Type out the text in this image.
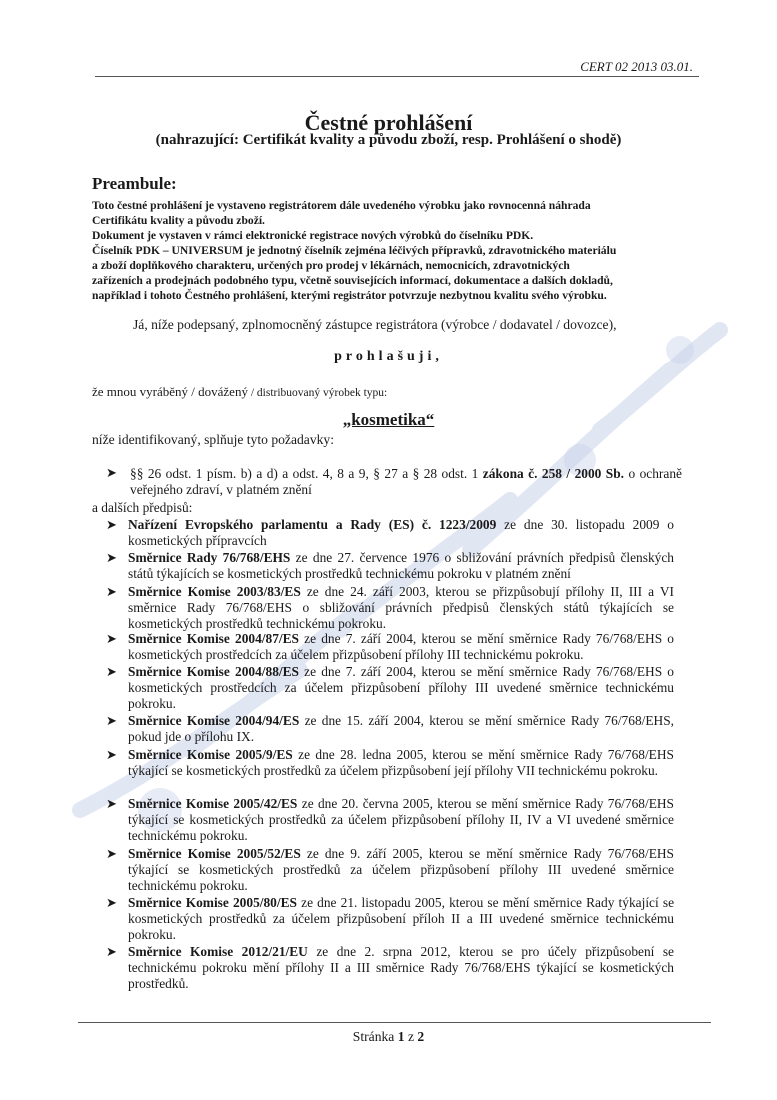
CERT 02 2013 03.01.
Čestné prohlášení
(nahrazující: Certifikát kvality a původu zboží, resp. Prohlášení o shodě)
Preambule:
Toto čestné prohlášení je vystaveno registrátorem dále uvedeného výrobku jako rovnocenná náhrada
Certifikátu kvality a původu zboží.
Dokument je vystaven v rámci elektronické registrace nových výrobků do číselníku PDK.
Číselník PDK – UNIVERSUM je jednotný číselník zejména léčivých přípravků, zdravotnického materiálu
a zboží doplňkového charakteru, určených pro prodej v lékárnách, nemocnicích, zdravotnických
zařízeních a prodejnách podobného typu, včetně souvisejících informací, dokumentace a dalších dokladů,
například i tohoto Čestného prohlášení, kterými registrátor potvrzuje nezbytnou kvalitu svého výrobku.
Já, níže podepsaný, zplnomocněný zástupce registrátora (výrobce / dodavatel / dovozce),
prohlašuji,
že mnou vyráběný / dovážený / distribuovaný výrobek typu:
„kosmetika“
níže identifikovaný, splňuje tyto požadavky:
➤ §§ 26 odst. 1 písm. b) a d) a odst. 4, 8 a 9, § 27 a § 28 odst. 1 zákona č. 258 / 2000 Sb. o ochraně veřejného zdraví, v platném znění
a dalších předpisů:
➤ Nařízení Evropského parlamentu a Rady (ES) č. 1223/2009 ze dne 30. listopadu 2009 o kosmetických přípravcích
➤ Směrnice Rady 76/768/EHS ze dne 27. července 1976 o sbližování právních předpisů členských států týkajících se kosmetických prostředků technickému pokroku v platném znění
➤ Směrnice Komise 2003/83/ES ze dne 24. září 2003, kterou se přizpůsobují přílohy II, III a VI směrnice Rady 76/768/EHS o sbližování právních předpisů členských států týkajících se kosmetických prostředků technickému pokroku.
➤ Směrnice Komise 2004/87/ES ze dne 7. září 2004, kterou se mění směrnice Rady 76/768/EHS o kosmetických prostředcích za účelem přizpůsobení přílohy III technickému pokroku.
➤ Směrnice Komise 2004/88/ES ze dne 7. září 2004, kterou se mění směrnice Rady 76/768/EHS o kosmetických prostředcích za účelem přizpůsobení přílohy III uvedené směrnice technickému pokroku.
➤ Směrnice Komise 2004/94/ES ze dne 15. září 2004, kterou se mění směrnice Rady 76/768/EHS, pokud jde o přílohu IX.
➤ Směrnice Komise 2005/9/ES ze dne 28. ledna 2005, kterou se mění směrnice Rady 76/768/EHS týkající se kosmetických prostředků za účelem přizpůsobení její přílohy VII technickému pokroku.
➤ Směrnice Komise 2005/42/ES ze dne 20. června 2005, kterou se mění směrnice Rady 76/768/EHS týkající se kosmetických prostředků za účelem přizpůsobení přílohy II, IV a VI uvedené směrnice technickému pokroku.
➤ Směrnice Komise 2005/52/ES ze dne 9. září 2005, kterou se mění směrnice Rady 76/768/EHS týkající se kosmetických prostředků za účelem přizpůsobení přílohy III uvedené směrnice technickému pokroku.
➤ Směrnice Komise 2005/80/ES ze dne 21. listopadu 2005, kterou se mění směrnice Rady týkající se kosmetických prostředků za účelem přizpůsobení příloh II a III uvedené směrnice technickému pokroku.
➤ Směrnice Komise 2012/21/EU ze dne 2. srpna 2012, kterou se pro účely přizpůsobení se technickému pokroku mění přílohy II a III směrnice Rady 76/768/EHS týkající se kosmetických prostředků.
Stránka 1 z 2
